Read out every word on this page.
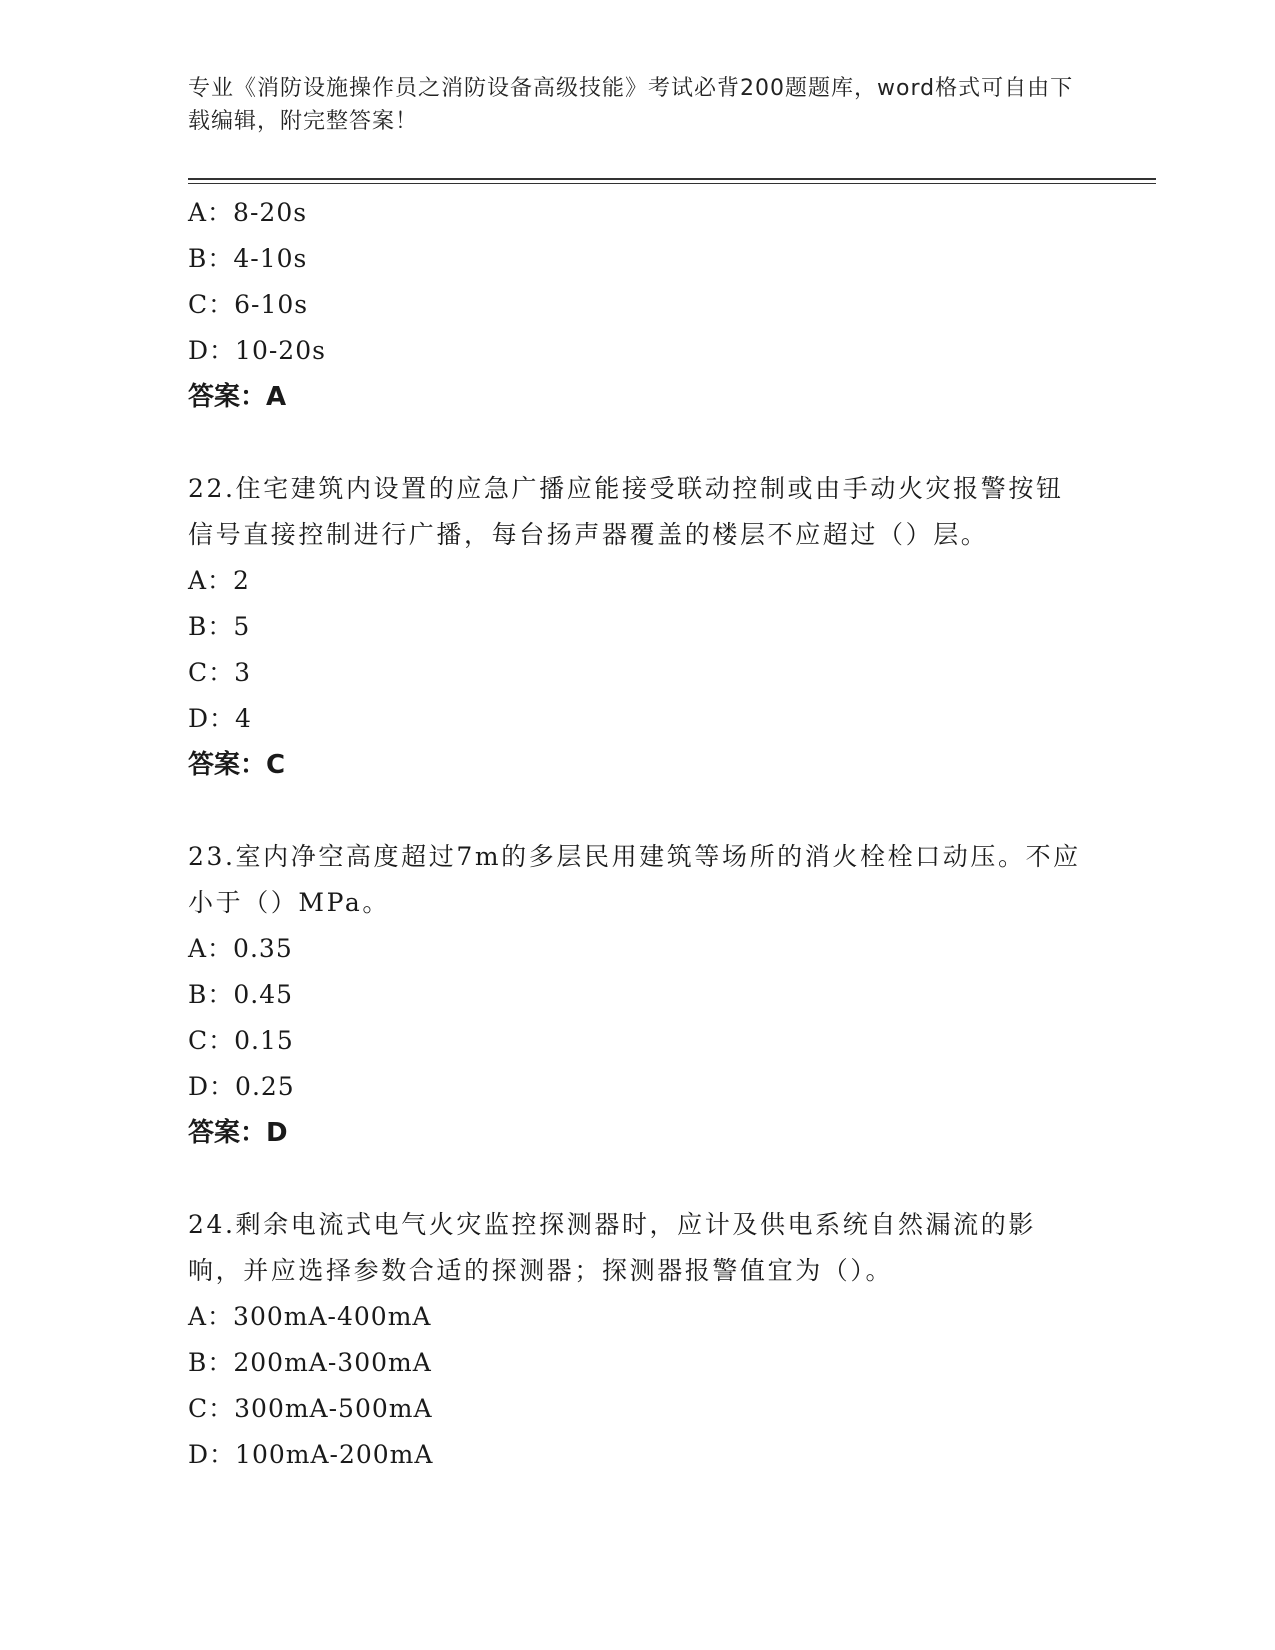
专业《消防设施操作员之消防设备高级技能》考试必背200题题库，word格式可自由下载编辑，附完整答案！
A：8-20s
B：4-10s
C：6-10s
D：10-20s
答案：A
22.住宅建筑内设置的应急广播应能接受联动控制或由手动火灾报警按钮信号直接控制进行广播，每台扬声器覆盖的楼层不应超过（）层。
A：2
B：5
C：3
D：4
答案：C
23.室内净空高度超过7m的多层民用建筑等场所的消火栓栓口动压。不应小于（）MPa。
A：0.35
B：0.45
C：0.15
D：0.25
答案：D
24.剩余电流式电气火灾监控探测器时，应计及供电系统自然漏流的影响，并应选择参数合适的探测器；探测器报警值宜为（）。
A：300mA-400mA
B：200mA-300mA
C：300mA-500mA
D：100mA-200mA
